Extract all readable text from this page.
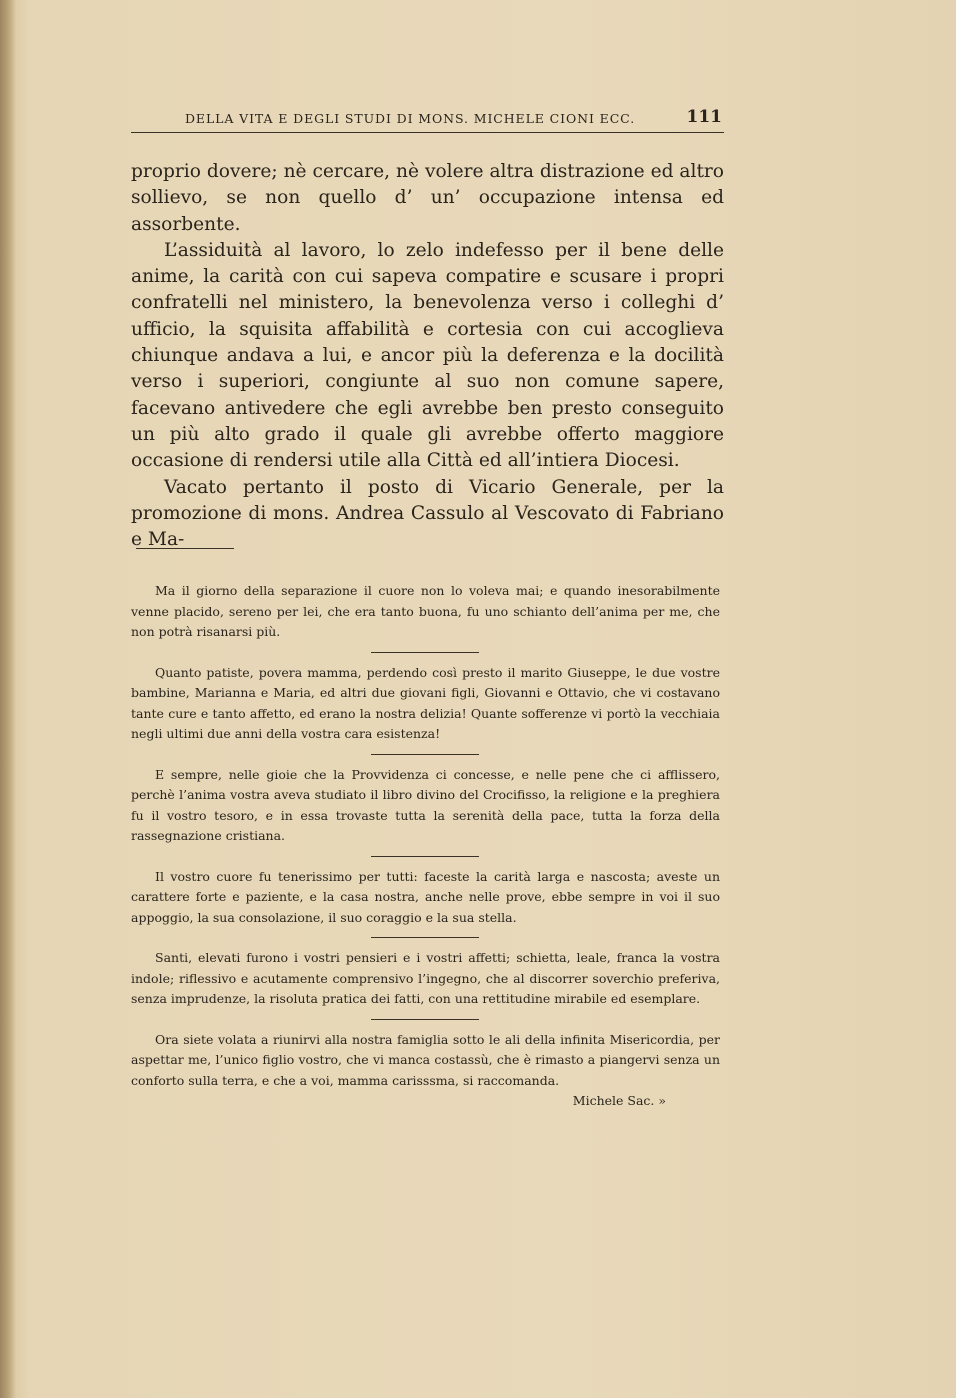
DELLA VITA E DEGLI STUDI DI MONS. MICHELE CIONI ECC.	111

proprio dovere; nè cercare, nè volere altra distrazione ed altro sollievo, se non quello d’ un’ occupazione intensa ed assorbente.

L’assiduità al lavoro, lo zelo indefesso per il bene delle anime, la carità con cui sapeva compatire e scusare i propri confratelli nel ministero, la benevolenza verso i colleghi d’ ufficio, la squisita affabilità e cortesia con cui accoglieva chiunque andava a lui, e ancor più la deferenza e la docilità verso i superiori, congiunte al suo non comune sapere, facevano antivedere che egli avrebbe ben presto conseguito un più alto grado il quale gli avrebbe offerto maggiore occasione di rendersi utile alla Città ed all’intiera Diocesi.

Vacato pertanto il posto di Vicario Generale, per la promozione di mons. Andrea Cassulo al Vescovato di Fabriano e Ma-

Ma il giorno della separazione il cuore non lo voleva mai; e quando inesorabilmente venne placido, sereno per lei, che era tanto buona, fu uno schianto dell’anima per me, che non potrà risanarsi più.

Quanto patiste, povera mamma, perdendo così presto il marito Giuseppe, le due vostre bambine, Marianna e Maria, ed altri due giovani figli, Giovanni e Ottavio, che vi costavano tante cure e tanto affetto, ed erano la nostra delizia! Quante sofferenze vi portò la vecchiaia negli ultimi due anni della vostra cara esistenza!

E sempre, nelle gioie che la Provvidenza ci concesse, e nelle pene che ci afflissero, perchè l’anima vostra aveva studiato il libro divino del Crocifisso, la religione e la preghiera fu il vostro tesoro, e in essa trovaste tutta la serenità della pace, tutta la forza della rassegnazione cristiana.

Il vostro cuore fu tenerissimo per tutti: faceste la carità larga e nascosta; aveste un carattere forte e paziente, e la casa nostra, anche nelle prove, ebbe sempre in voi il suo appoggio, la sua consolazione, il suo coraggio e la sua stella.

Santi, elevati furono i vostri pensieri e i vostri affetti; schietta, leale, franca la vostra indole; riflessivo e acutamente comprensivo l’ingegno, che al discorrer soverchio preferiva, senza imprudenze, la risoluta pratica dei fatti, con una rettitudine mirabile ed esemplare.

Ora siete volata a riunirvi alla nostra famiglia sotto le ali della infinita Misericordia, per aspettar me, l’unico figlio vostro, che vi manca costassù, che è rimasto a piangervi senza un conforto sulla terra, e che a voi, mamma carisssma, si raccomanda.

Michele Sac. »
